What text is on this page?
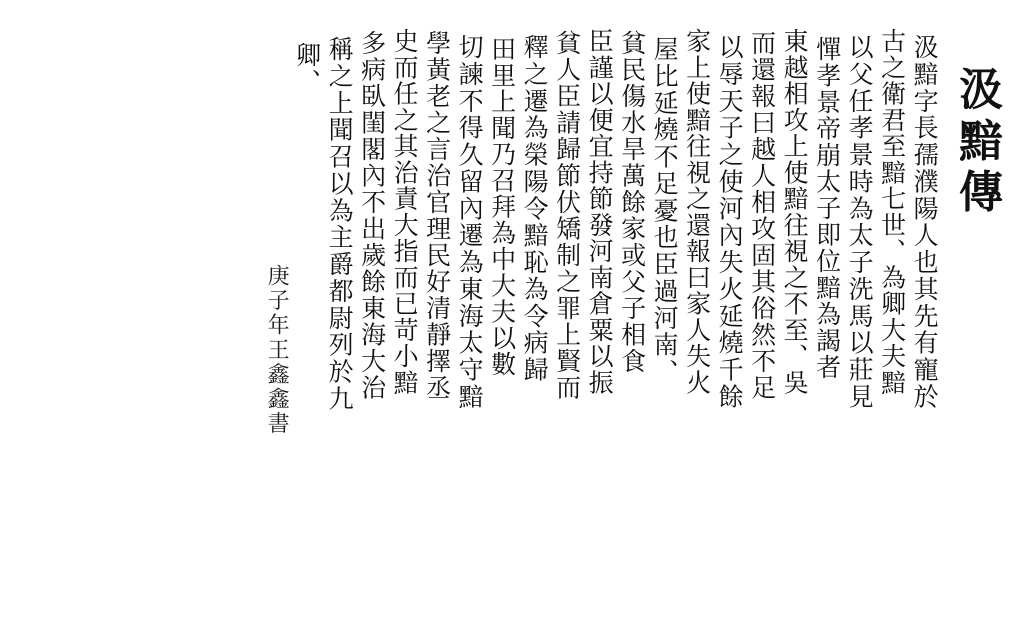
汲黯傳
汲黯字長孺濮陽人也其先有寵於
古之衛君至黯七世、為卿大夫黯
以父任孝景時為太子洗馬以莊見
憚孝景帝崩太子即位黯為謁者
東越相攻上使黯往視之不至、吳
而還報曰越人相攻固其俗然不足
以辱天子之使河內失火延燒千餘
家上使黯往視之還報曰家人失火
屋比延燒不足憂也臣過河南、
貧民傷水旱萬餘家或父子相食
臣謹以便宜持節發河南倉粟以振
貧人臣請歸節伏矯制之罪上賢而
釋之遷為榮陽令黯恥為令病歸
田里上聞乃召拜為中大夫以數
切諫不得久留內遷為東海太守黯
學黃老之言治官理民好清靜擇丞
史而任之其治責大指而已苛小黯
多病臥閨閣內不出歲餘東海大治
稱之上聞召以為主爵都尉列於九
卿、
庚子年王鑫鑫書
